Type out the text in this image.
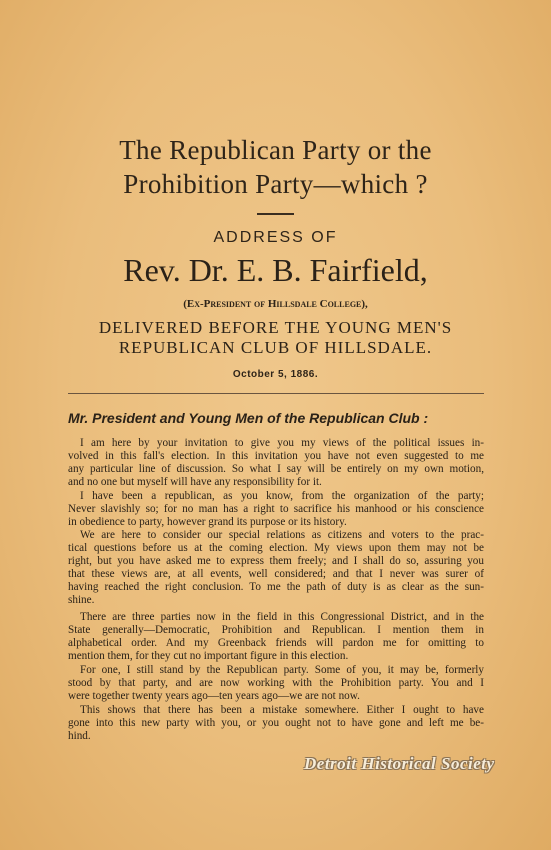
The Republican Party or the
Prohibition Party—which ?
ADDRESS OF
Rev. Dr. E. B. Fairfield,
(Ex-President of Hillsdale College),
DELIVERED BEFORE THE YOUNG MEN'S
REPUBLICAN CLUB OF HILLSDALE.
October 5, 1886.
Mr. President and Young Men of the Republican Club :
I am here by your invitation to give you my views of the political issues in-
volved in this fall's election. In this invitation you have not even suggested to me
any particular line of discussion. So what I say will be entirely on my own motion,
and no one but myself will have any responsibility for it.
I have been a republican, as you know, from the organization of the party;
Never slavishly so; for no man has a right to sacrifice his manhood or his conscience
in obedience to party, however grand its purpose or its history.
We are here to consider our special relations as citizens and voters to the prac-
tical questions before us at the coming election. My views upon them may not be
right, but you have asked me to express them freely; and I shall do so, assuring you
that these views are, at all events, well considered; and that I never was surer of
having reached the right conclusion. To me the path of duty is as clear as the sun-
shine.
There are three parties now in the field in this Congressional District, and in the
State generally—Democratic, Prohibition and Republican. I mention them in
alphabetical order. And my Greenback friends will pardon me for omitting to
mention them, for they cut no important figure in this election.
For one, I still stand by the Republican party. Some of you, it may be, formerly
stood by that party, and are now working with the Prohibition party. You and I
were together twenty years ago—ten years ago—we are not now.
This shows that there has been a mistake somewhere. Either I ought to have
gone into this new party with you, or you ought not to have gone and left me be-
hind.
Detroit Historical Society
